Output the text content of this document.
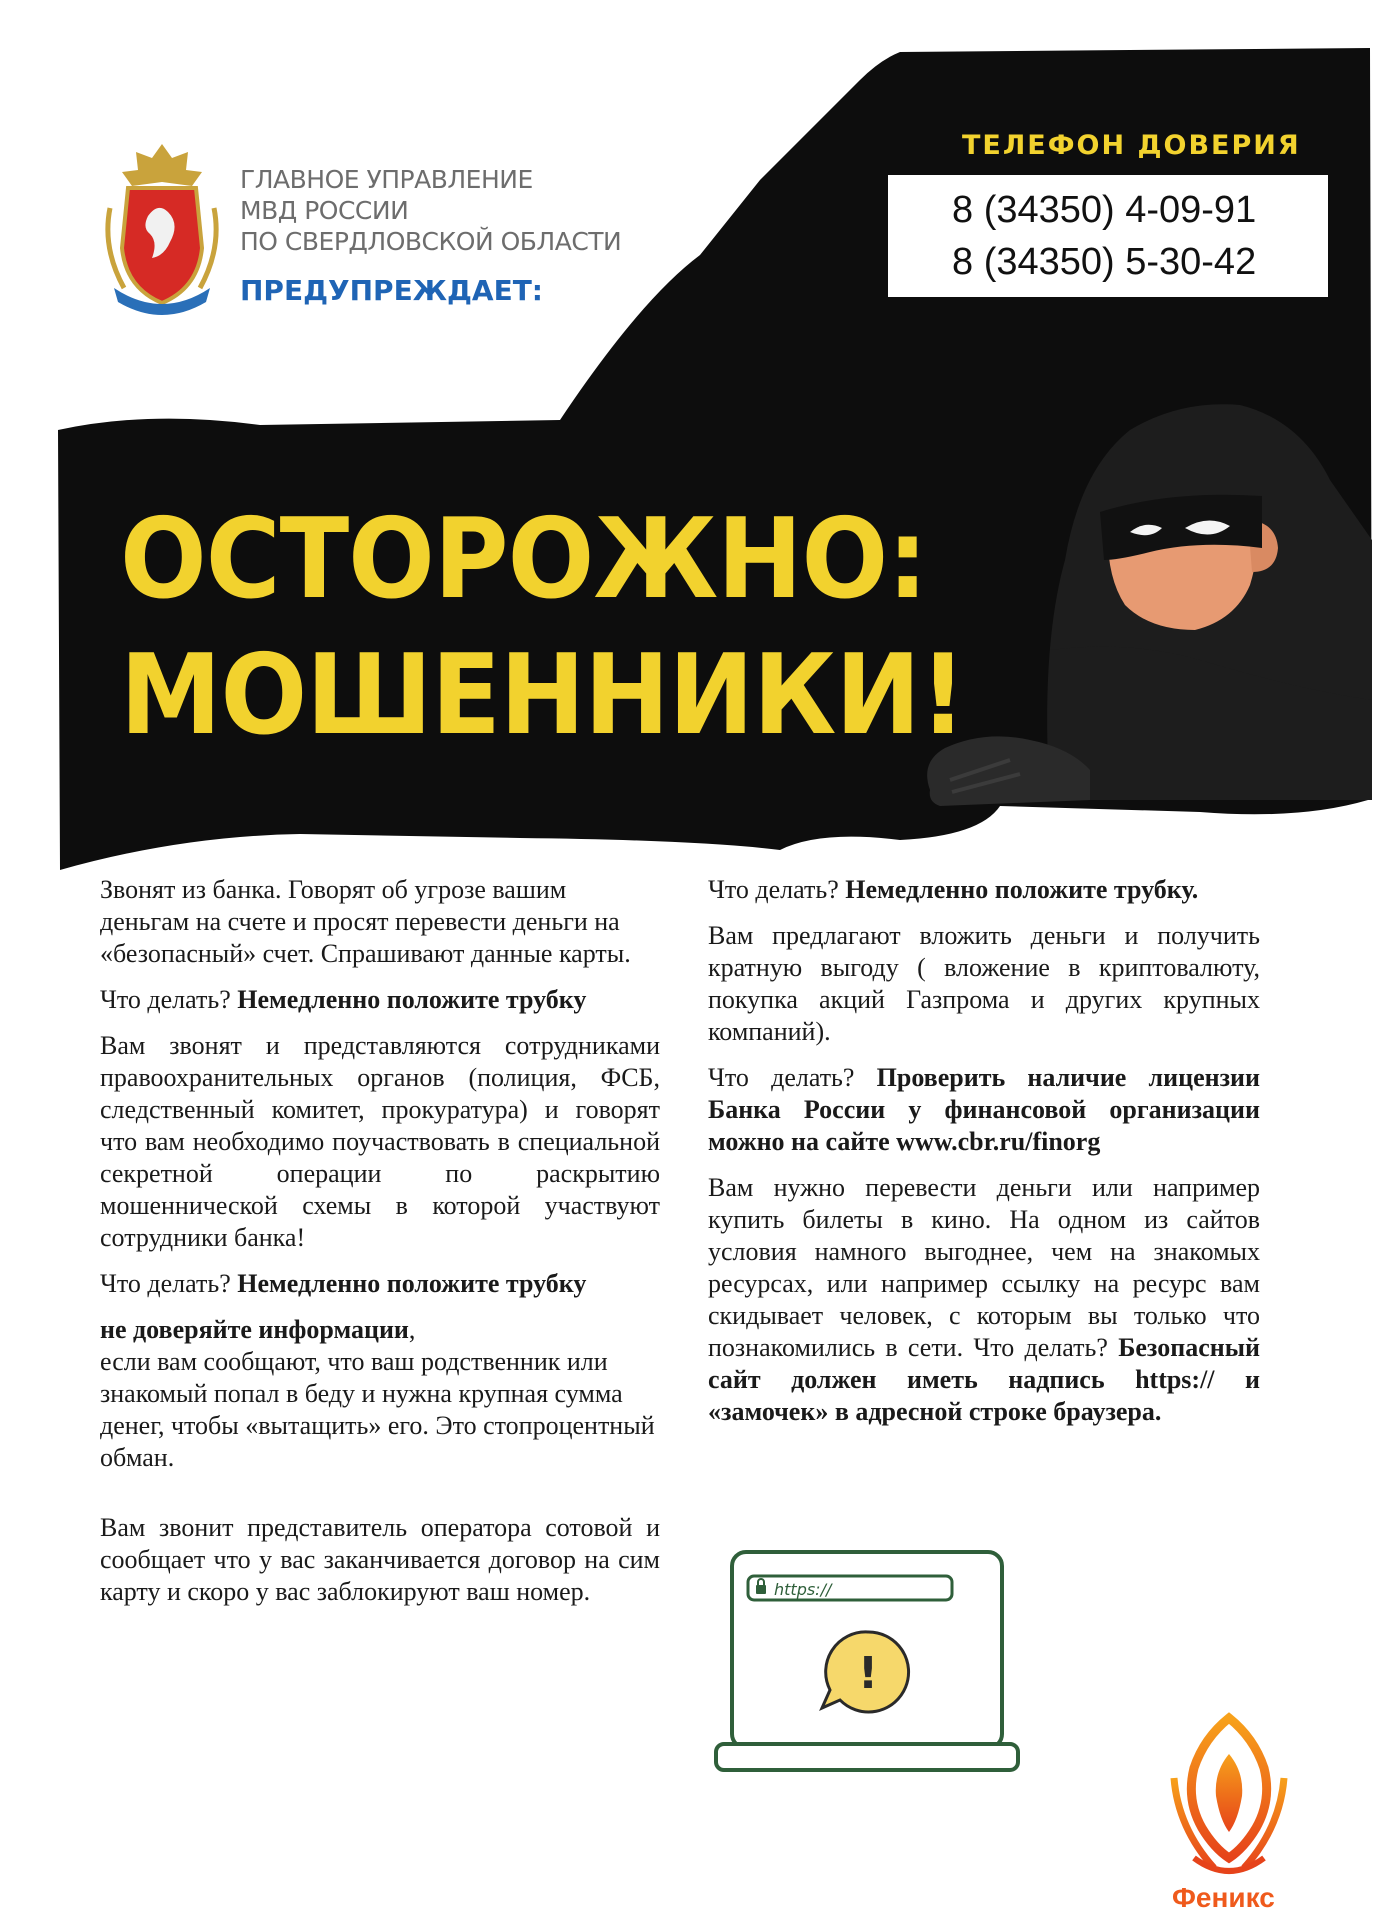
ГЛАВНОЕ УПРАВЛЕНИЕ
МВД РОССИИ
ПО СВЕРДЛОВСКОЙ ОБЛАСТИ
ПРЕДУПРЕЖДАЕТ:
ТЕЛЕФОН ДОВЕРИЯ
8 (34350) 4-09-91
8 (34350) 5-30-42
ОСТОРОЖНО:
МОШЕННИКИ!

Звонят из банка. Говорят об угрозе вашим деньгам на счете и просят перевести деньги на «безопасный» счет. Спрашивают данные карты.

Что делать? Немедленно положите трубку

Вам звонят и представляются сотрудниками правоохранительных органов (полиция, ФСБ, следственный комитет, прокуратура) и говорят что вам необходимо поучаствовать в специальной секретной операции по раскрытию мошеннической схемы в которой участвуют сотрудники банка!

Что делать? Немедленно положите трубку

не доверяйте информации,
если вам сообщают, что ваш родственник или знакомый попал в беду и нужна крупная сумма денег, чтобы «вытащить» его. Это стопроцентный обман.

Вам звонит представитель оператора сотовой и сообщает что у вас заканчивается договор на сим карту и скоро у вас заблокируют ваш номер.

Что делать? Немедленно положите трубку.

Вам предлагают вложить деньги и получить кратную выгоду ( вложение в криптовалюту, покупка акций Газпрома и других крупных компаний).

Что делать? Проверить наличие лицензии Банка России у финансовой организации можно на сайте www.cbr.ru/finorg

Вам нужно перевести деньги или например купить билеты в кино. На одном из сайтов условия намного выгоднее, чем на знакомых ресурсах, или например ссылку на ресурс вам скидывает человек, с которым вы только что познакомились в сети. Что делать? Безопасный сайт должен иметь надпись https:// и «замочек» в адресной строке браузера.

https://
!
Феникс
